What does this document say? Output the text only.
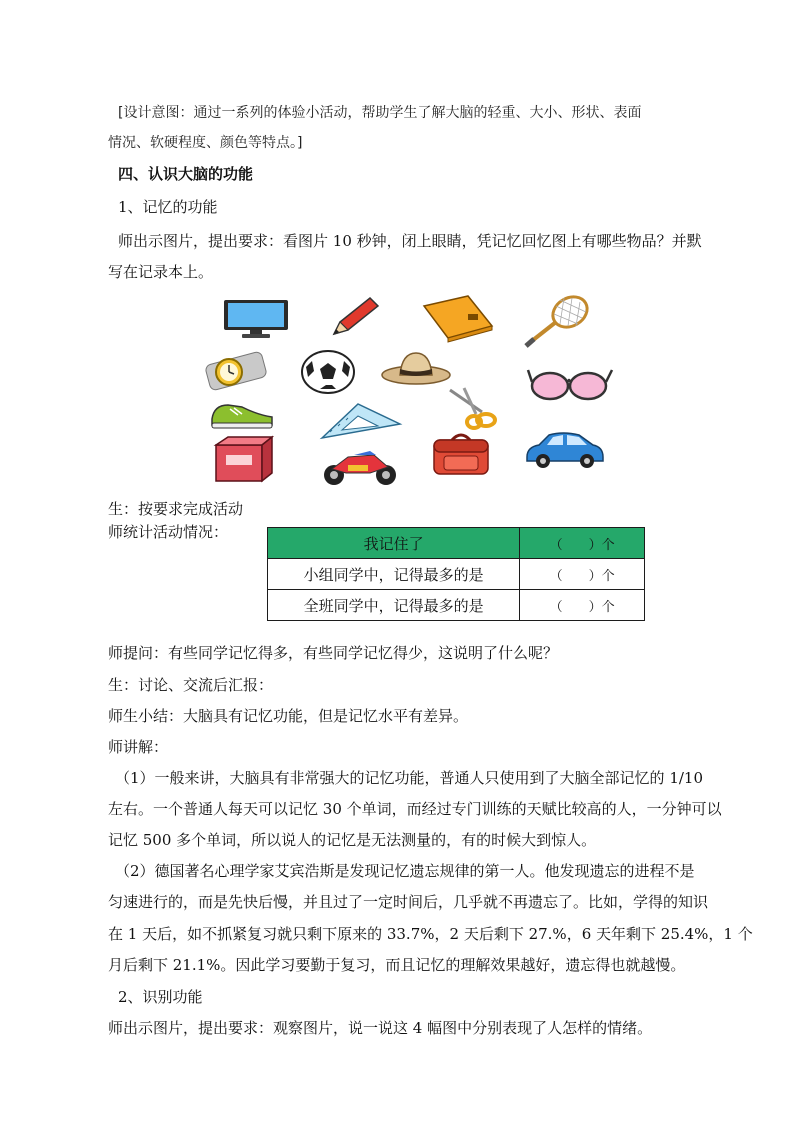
[设计意图：通过一系列的体验小活动，帮助学生了解大脑的轻重、大小、形状、表面
情况、软硬程度、颜色等特点。]
四、认识大脑的功能
1、记忆的功能
师出示图片，提出要求：看图片 10 秒钟，闭上眼睛，凭记忆回忆图上有哪些物品？并默
写在记录本上。
生：按要求完成活动
师统计活动情况：
我记住了	（　　）个
小组同学中，记得最多的是	（　　）个
全班同学中，记得最多的是	（　　）个
师提问：有些同学记忆得多，有些同学记忆得少，这说明了什么呢？
生：讨论、交流后汇报：
师生小结：大脑具有记忆功能，但是记忆水平有差异。
师讲解：
（1）一般来讲，大脑具有非常强大的记忆功能，普通人只使用到了大脑全部记忆的 1/10
左右。一个普通人每天可以记忆 30 个单词，而经过专门训练的天赋比较高的人，一分钟可以
记忆 500 多个单词，所以说人的记忆是无法测量的，有的时候大到惊人。
（2）德国著名心理学家艾宾浩斯是发现记忆遗忘规律的第一人。他发现遗忘的进程不是
匀速进行的，而是先快后慢，并且过了一定时间后，几乎就不再遗忘了。比如，学得的知识
在 1 天后，如不抓紧复习就只剩下原来的 33.7%，2 天后剩下 27.%，6 天年剩下 25.4%，1 个
月后剩下 21.1%。因此学习要勤于复习，而且记忆的理解效果越好，遗忘得也就越慢。
2、识别功能
师出示图片，提出要求：观察图片，说一说这 4 幅图中分别表现了人怎样的情绪。
